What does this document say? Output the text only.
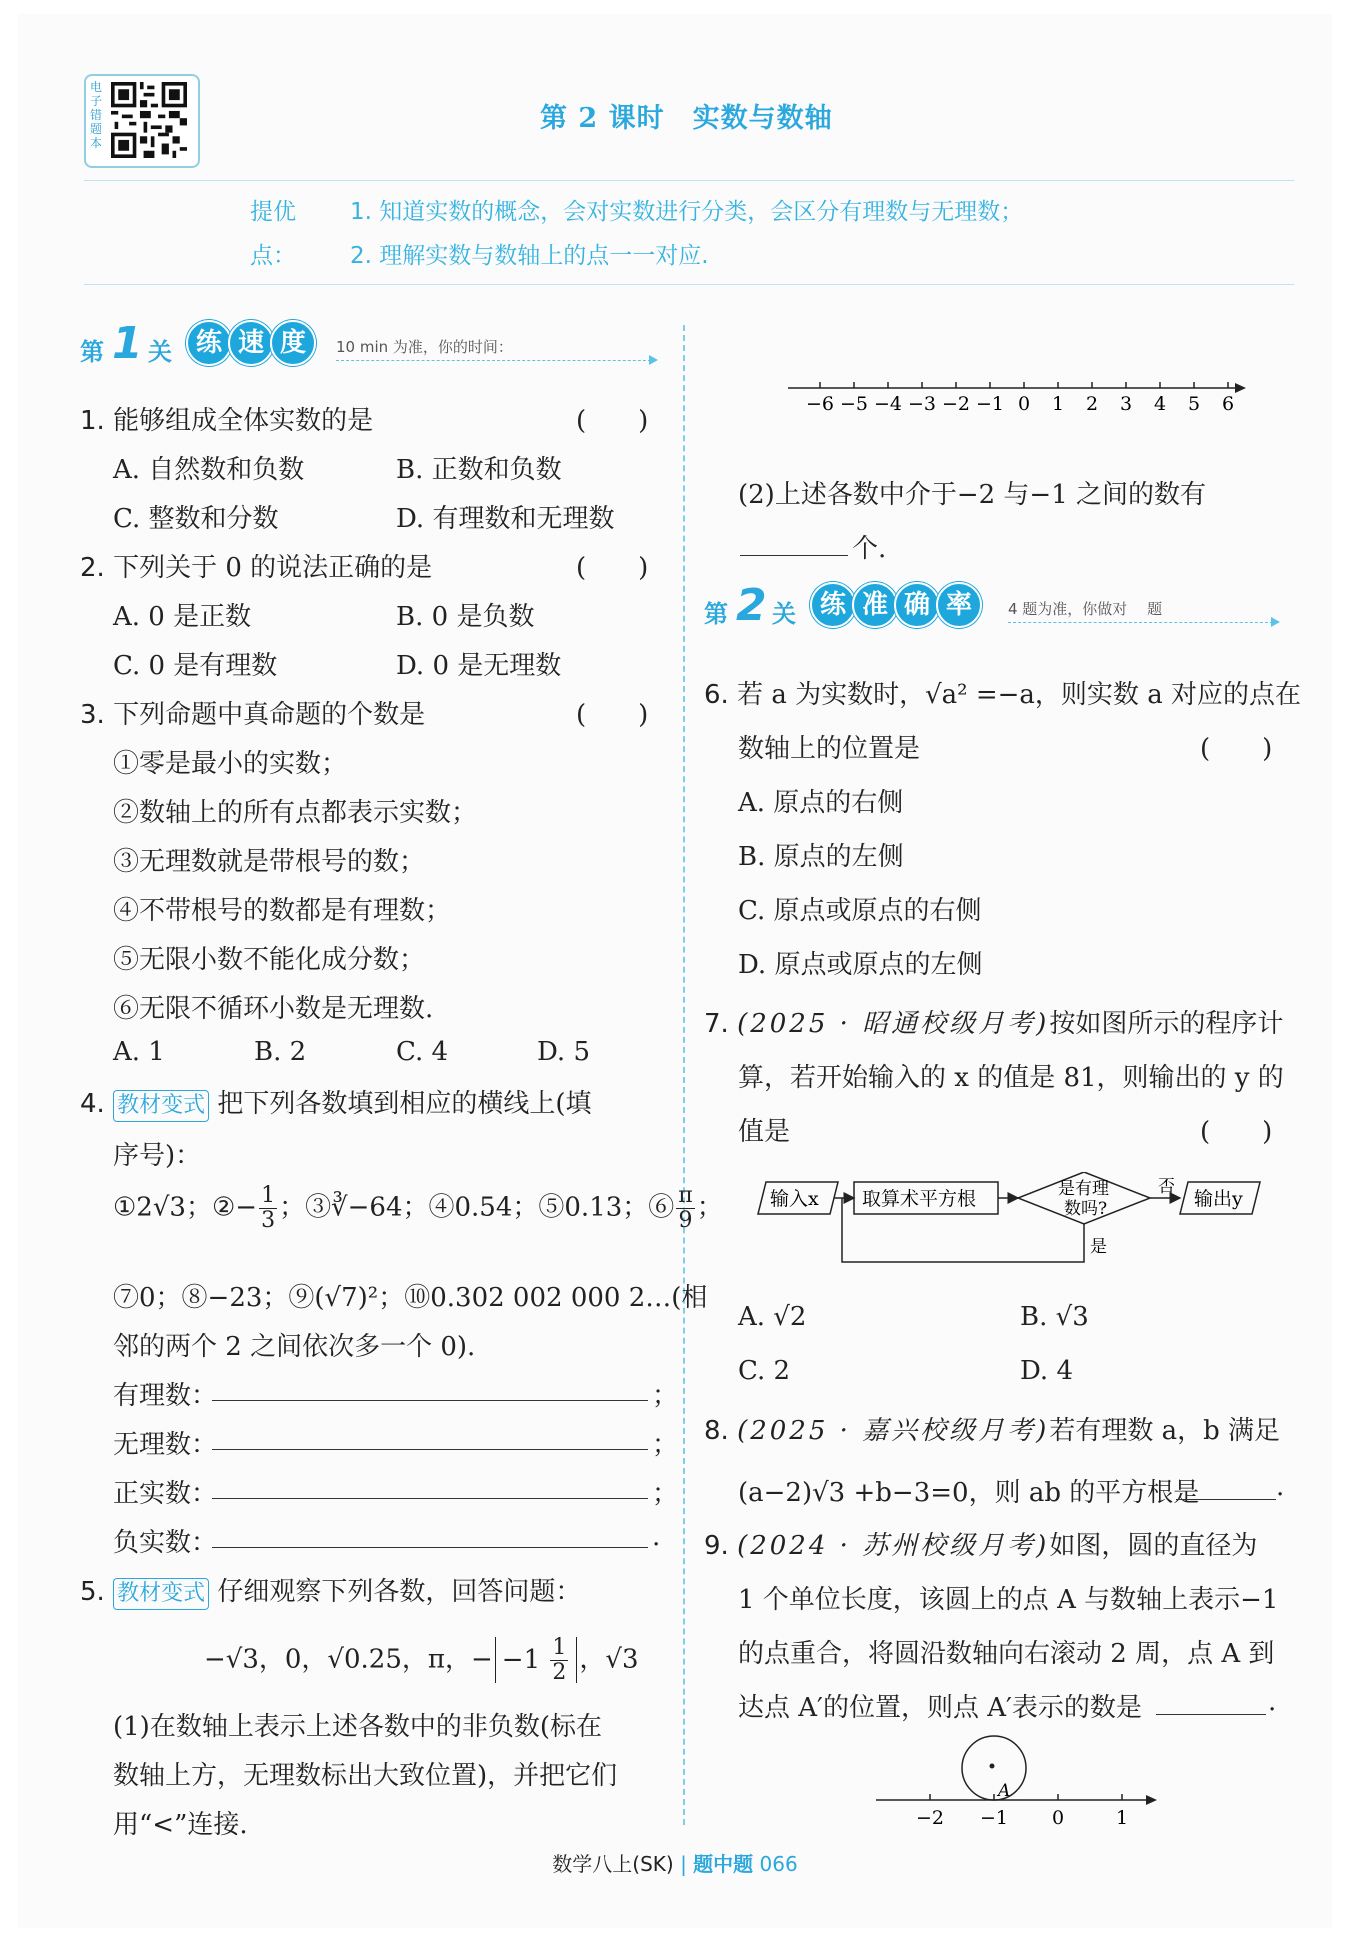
电子错题本
第 2 课时　实数与数轴
提优点：
1. 知道实数的概念，会对实数进行分类，会区分有理数与无理数；
2. 理解实数与数轴上的点一一对应.
第 1 关 练 速 度	10 min 为准，你的时间：
1. 能够组成全体实数的是	(　　)
A. 自然数和负数	B. 正数和负数
C. 整数和分数	D. 有理数和无理数
2. 下列关于 0 的说法正确的是	(　　)
A. 0 是正数	B. 0 是负数
C. 0 是有理数	D. 0 是无理数
3. 下列命题中真命题的个数是	(　　)
①零是最小的实数；
②数轴上的所有点都表示实数；
③无理数就是带根号的数；
④不带根号的数都是有理数；
⑤无限小数不能化成分数；
⑥无限不循环小数是无理数.
A. 1	B. 2	C. 4	D. 5
4. 教材变式 把下列各数填到相应的横线上(填
序号)：
①2√3；②− $\frac{1}{3}$ ；③∛−64；④0.54；⑤0.13；⑥ $\frac{\pi}{9}$ ；
⑦0；⑧−23；⑨(√7)²；⑩0.302 002 000 2…(相
邻的两个 2 之间依次多一个 0).
有理数：	；
无理数：	；
正实数：	；
负实数：	.
5. 教材变式 仔细观察下列各数，回答问题：
−√3，0，√0.25，π，− $-1 \frac{1}{2}$ ，√3
(1)在数轴上表示上述各数中的非负数(标在
数轴上方，无理数标出大致位置)，并把它们
用“<”连接.
−6 −5 −4 −3 −2 −1 0 1 2 3 4 5 6
(2)上述各数中介于−2 与−1 之间的数有
个.
第 2 关 练 准 确 率	4 题为准，你做对　 题
6. 若 a 为实数时，√a² =−a，则实数 a 对应的点在
数轴上的位置是	(　　)
A. 原点的右侧
B. 原点的左侧
C. 原点或原点的右侧
D. 原点或原点的左侧
7. (2025 · 昭通校级月考)按如图所示的程序计
算，若开始输入的 x 的值是 81，则输出的 y 的
值是	(　　)
输入x 取算术平方根	是有理
数吗?
否
输出y
是
A. √2	B. √3
C. 2	D. 4
8. (2025 · 嘉兴校级月考)若有理数 a，b 满足
(a−2)√3 +b−3=0，则 ab 的平方根是	.
9. (2024 · 苏州校级月考)如图，圆的直径为
1 个单位长度，该圆上的点 A 与数轴上表示−1
的点重合，将圆沿数轴向右滚动 2 周，点 A 到
达点 A′的位置，则点 A′表示的数是	.
−2 −1 0	1
A
数学八上(SK) | 题中题 066
